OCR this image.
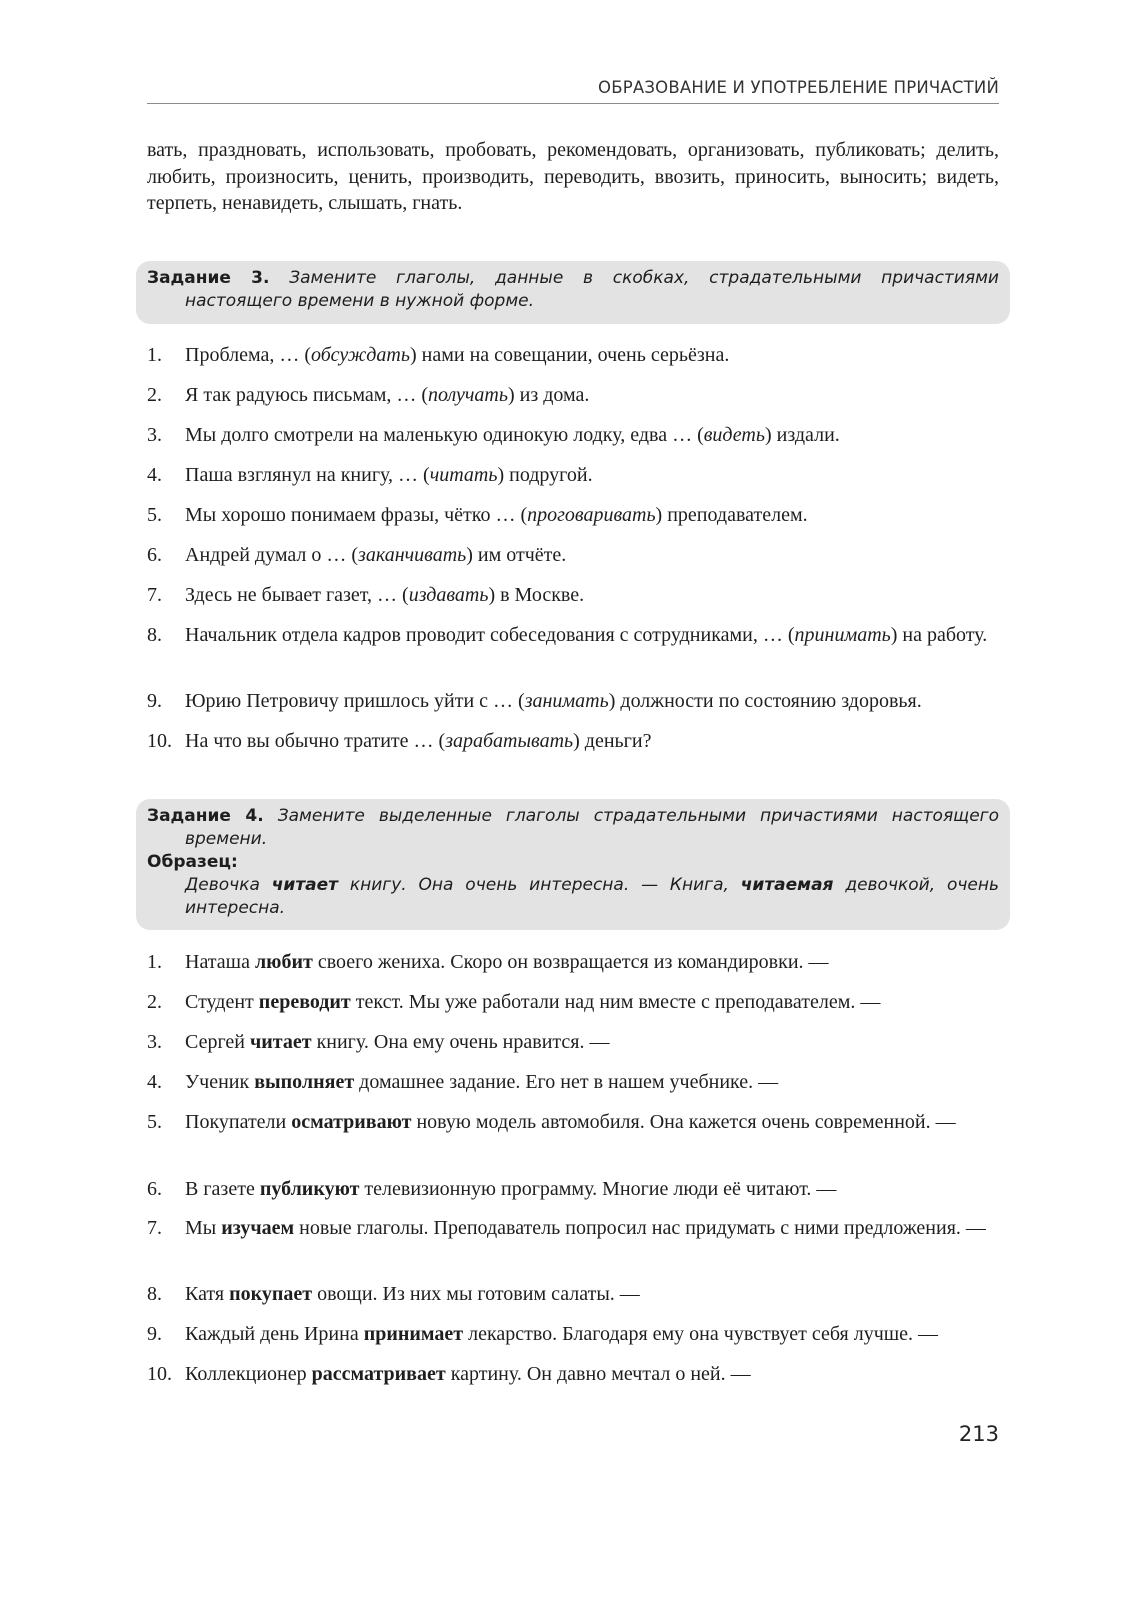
ОБРАЗОВАНИЕ И УПОТРЕБЛЕНИЕ ПРИЧАСТИЙ

вать, праздновать, использовать, пробовать, рекомендовать, организовать, публиковать; делить, любить, произносить, ценить, производить, переводить, ввозить, приносить, выносить; видеть, терпеть, ненавидеть, слышать, гнать.

Задание 3. Замените глаголы, данные в скобках, страдательными причастиями

настоящего времени в нужной форме.

1.	Проблема, … (обсуждать) нами на совещании, очень серьёзна.
2.	Я так радуюсь письмам, … (получать) из дома.
3.	Мы долго смотрели на маленькую одинокую лодку, едва … (видеть) издали.
4.	Паша взглянул на книгу, … (читать) подругой.
5.	Мы хорошо понимаем фразы, чётко … (проговаривать) преподавателем.
6.	Андрей думал о … (заканчивать) им отчёте.
7.	Здесь не бывает газет, … (издавать) в Москве.
8.	Начальник отдела кадров проводит собеседования с сотрудниками, … (принимать) на работу.
9.	Юрию Петровичу пришлось уйти с … (занимать) должности по состоянию здоровья.
10. На что вы обычно тратите … (зарабатывать) деньги?

Задание 4. Замените выделенные глаголы страдательными причастиями настоящего

времени.

Образец:

Девочка читает книгу. Она очень интересна. — Книга, читаемая девочкой, очень

интересна.

1.	Наташа любит своего жениха. Скоро он возвращается из командировки. —
2.	Студент переводит текст. Мы уже работали над ним вместе с преподавателем. —
3.	Сергей читает книгу. Она ему очень нравится. —
4.	Ученик выполняет домашнее задание. Его нет в нашем учебнике. —
5.	Покупатели осматривают новую модель автомобиля. Она кажется очень современной. —
6.	В газете публикуют телевизионную программу. Многие люди её читают. —
7.	Мы изучаем новые глаголы. Преподаватель попросил нас придумать с ними предложения. —
8.	Катя покупает овощи. Из них мы готовим салаты. —
9.	Каждый день Ирина принимает лекарство. Благодаря ему она чувствует себя лучше. —
10. Коллекционер рассматривает картину. Он давно мечтал о ней. —
213
